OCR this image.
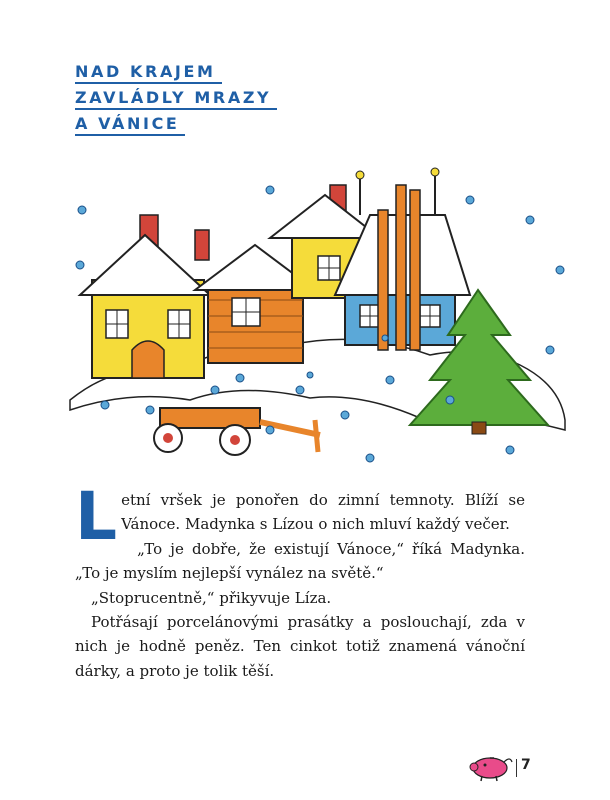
NAD KRAJEM
ZAVLÁDLY MRAZY
A VÁNICE

Letní vršek je ponořen do zimní temnoty. Blíží se Vánoce. Madynka s Lízou o nich mluví každý večer.

„To je dobře, že existují Vánoce,“ říká Madynka. „To je myslím nejlepší vynález na světě.“

„Stoprucentně,“ přikyvuje Líza.

Potřásají porcelánovými prasátky a poslouchají, zda v nich je hodně peněz. Ten cinkot totiž znamená vánoční dárky, a proto je tolik těší.

7
